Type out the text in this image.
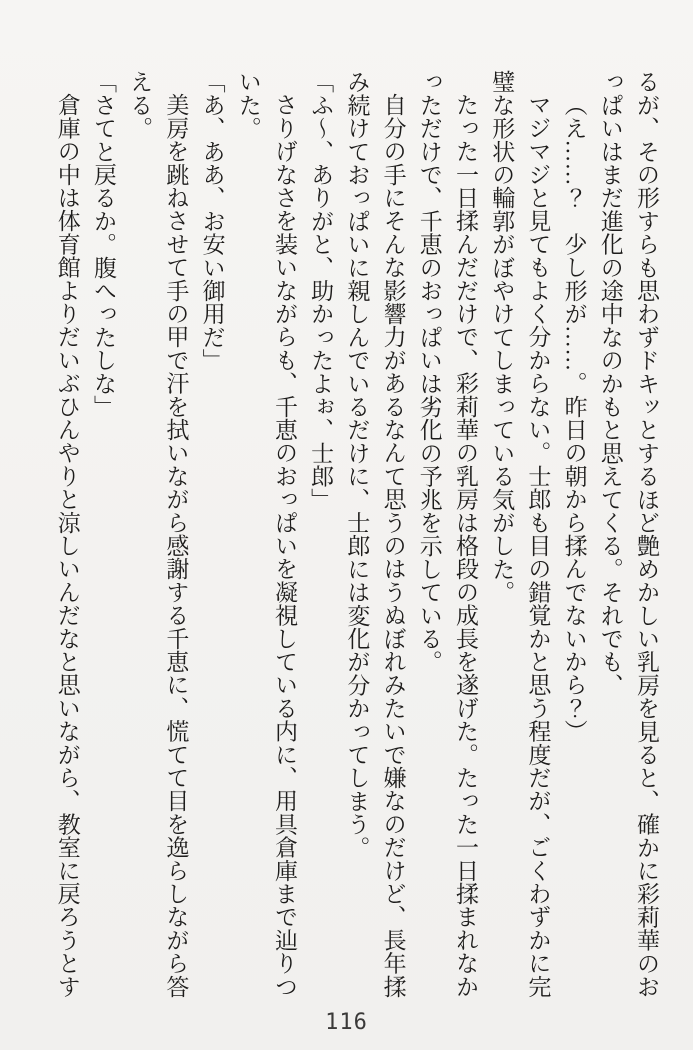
るが、その形すらも思わずドキッとするほど艶めかしい乳房を見ると、確かに彩莉華のおっぱいはまだ進化の途中なのかもと思えてくる。それでも、

（え……？　少し形が……。昨日の朝から揉んでないから？）

マジマジと見てもよく分からない。士郎も目の錯覚かと思う程度だが、ごくわずかに完璧な形状の輪郭がぼやけてしまっている気がした。

たった一日揉んだだけで、彩莉華の乳房は格段の成長を遂げた。たった一日揉まれなかっただけで、千恵のおっぱいは劣化の予兆を示している。

自分の手にそんな影響力があるなんて思うのはうぬぼれみたいで嫌なのだけど、長年揉み続けておっぱいに親しんでいるだけに、士郎には変化が分かってしまう。

「ふ〜、ありがと、助かったよぉ、士郎」

さりげなさを装いながらも、千恵のおっぱいを凝視している内に、用具倉庫まで辿りついた。

「あ、ああ、お安い御用だ」

美房を跳ねさせて手の甲で汗を拭いながら感謝する千恵に、慌てて目を逸らしながら答える。

「さてと戻るか。腹へったしな」

倉庫の中は体育館よりだいぶひんやりと涼しいんだなと思いながら、教室に戻ろうとす

116
